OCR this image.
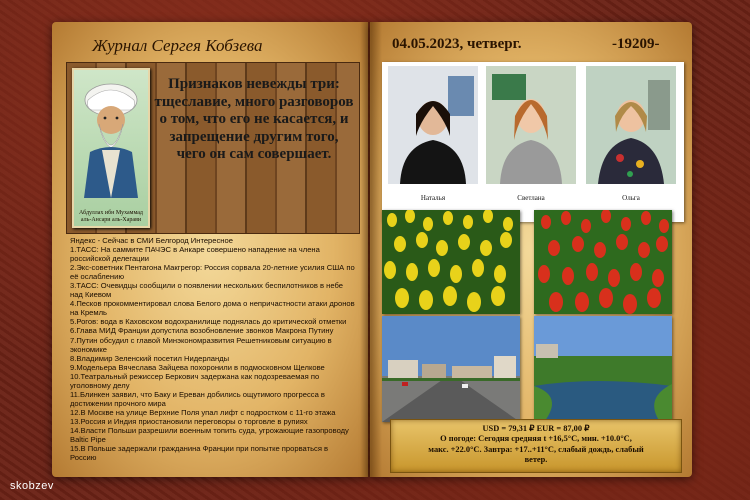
Журнал Сергея Кобзева	04.05.2023, четверг.	-19209-
Абдуллах ибн Мухаммад аль-Ансари аль-Харави
Признаков невежды три: тщеславие, много разговоров о том, что его не касается, и запрещение другим того, чего он сам совершает.
Яндекс - Сейчас в СМИ Белгород Интересное
1.ТАСС: На саммите ПАЧЭС в Анкаре совершено нападение на члена российской делегации
2.Экс-советник Пентагона Макгрегор: Россия сорвала 20-летние усилия США по её ослаблению
3.ТАСС: Очевидцы сообщили о появлении нескольких беспилотников в небе над Киевом
4.Песков прокомментировал слова Белого дома о непричастности атаки дронов на Кремль
5.Рогов: вода в Каховском водохранилище поднялась до критической отметки
6.Глава МИД Франции допустила возобновление звонков Макрона Путину
7.Путин обсудил с главой Минэкономразвития Решетниковым ситуацию в экономике
8.Владимир Зеленский посетил Нидерланды
9.Модельера Вячеслава Зайцева похоронили в подмосковном Щелкове
10.Театральный режиссер Беркович задержана как подозреваемая по уголовному делу
11.Блинкен заявил, что Баку и Ереван добились ощутимого прогресса в достижении прочного мира
12.В Москве на улице Верхние Поля упал лифт с подростком с 11-го этажа
13.Россия и Индия приостановили переговоры о торговле в рупиях
14.Власти Польши разрешили военным топить суда, угрожающие газопроводу Baltic Pipe
15.В Польше задержали гражданина Франции при попытке прорваться в Россию
Наталья	Светлана	Ольга
USD = 79,31 ₽ EUR = 87,00 ₽
О погоде: Сегодня средняя t +16,5°С, мин. +10.0°С,
макс. +22.0°С. Завтра: +17..+11°С, слабый дождь, слабый
ветер.
skobzev
